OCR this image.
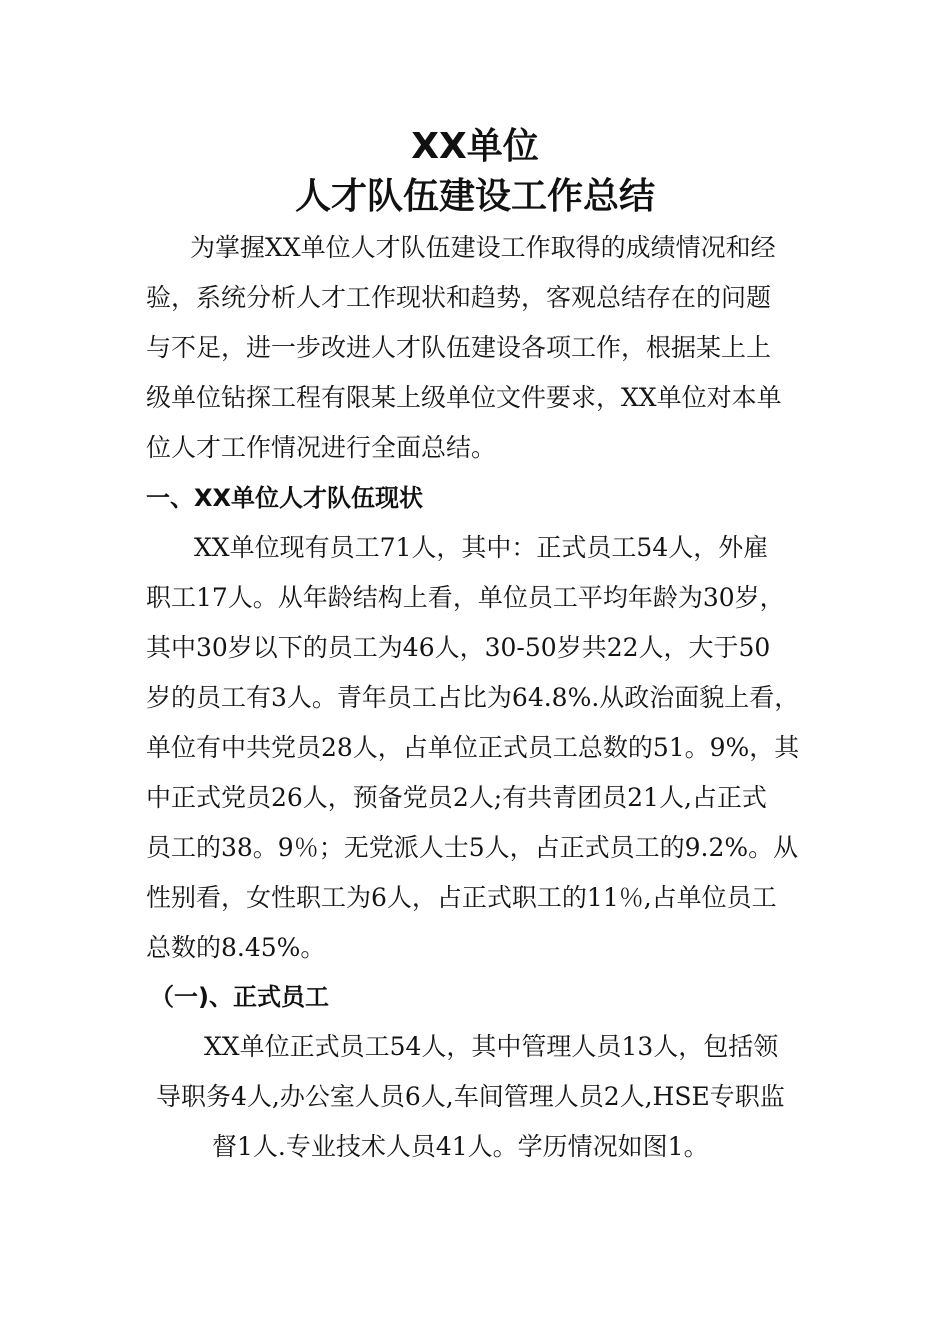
XX单位
人才队伍建设工作总结
为掌握XX单位人才队伍建设工作取得的成绩情况和经
验，系统分析人才工作现状和趋势，客观总结存在的问题
与不足，进一步改进人才队伍建设各项工作，根据某上上
级单位钻探工程有限某上级单位文件要求，XX单位对本单
位人才工作情况进行全面总结。
一、XX单位人才队伍现状
XX单位现有员工71人，其中：正式员工54人，外雇
职工17人。从年龄结构上看，单位员工平均年龄为30岁，
其中30岁以下的员工为46人，30-50岁共22人，大于50
岁的员工有3人。青年员工占比为64.8%.从政治面貌上看，
单位有中共党员28人，占单位正式员工总数的51。9%，其
中正式党员26人，预备党员2人;有共青团员21人,占正式
员工的38。9％；无党派人士5人，占正式员工的9.2%。从
性别看，女性职工为6人，占正式职工的11％,占单位员工
总数的8.45%。
（一)、正式员工
XX单位正式员工54人，其中管理人员13人，包括领
导职务4人,办公室人员6人,车间管理人员2人,HSE专职监
督1人.专业技术人员41人。学历情况如图1。
